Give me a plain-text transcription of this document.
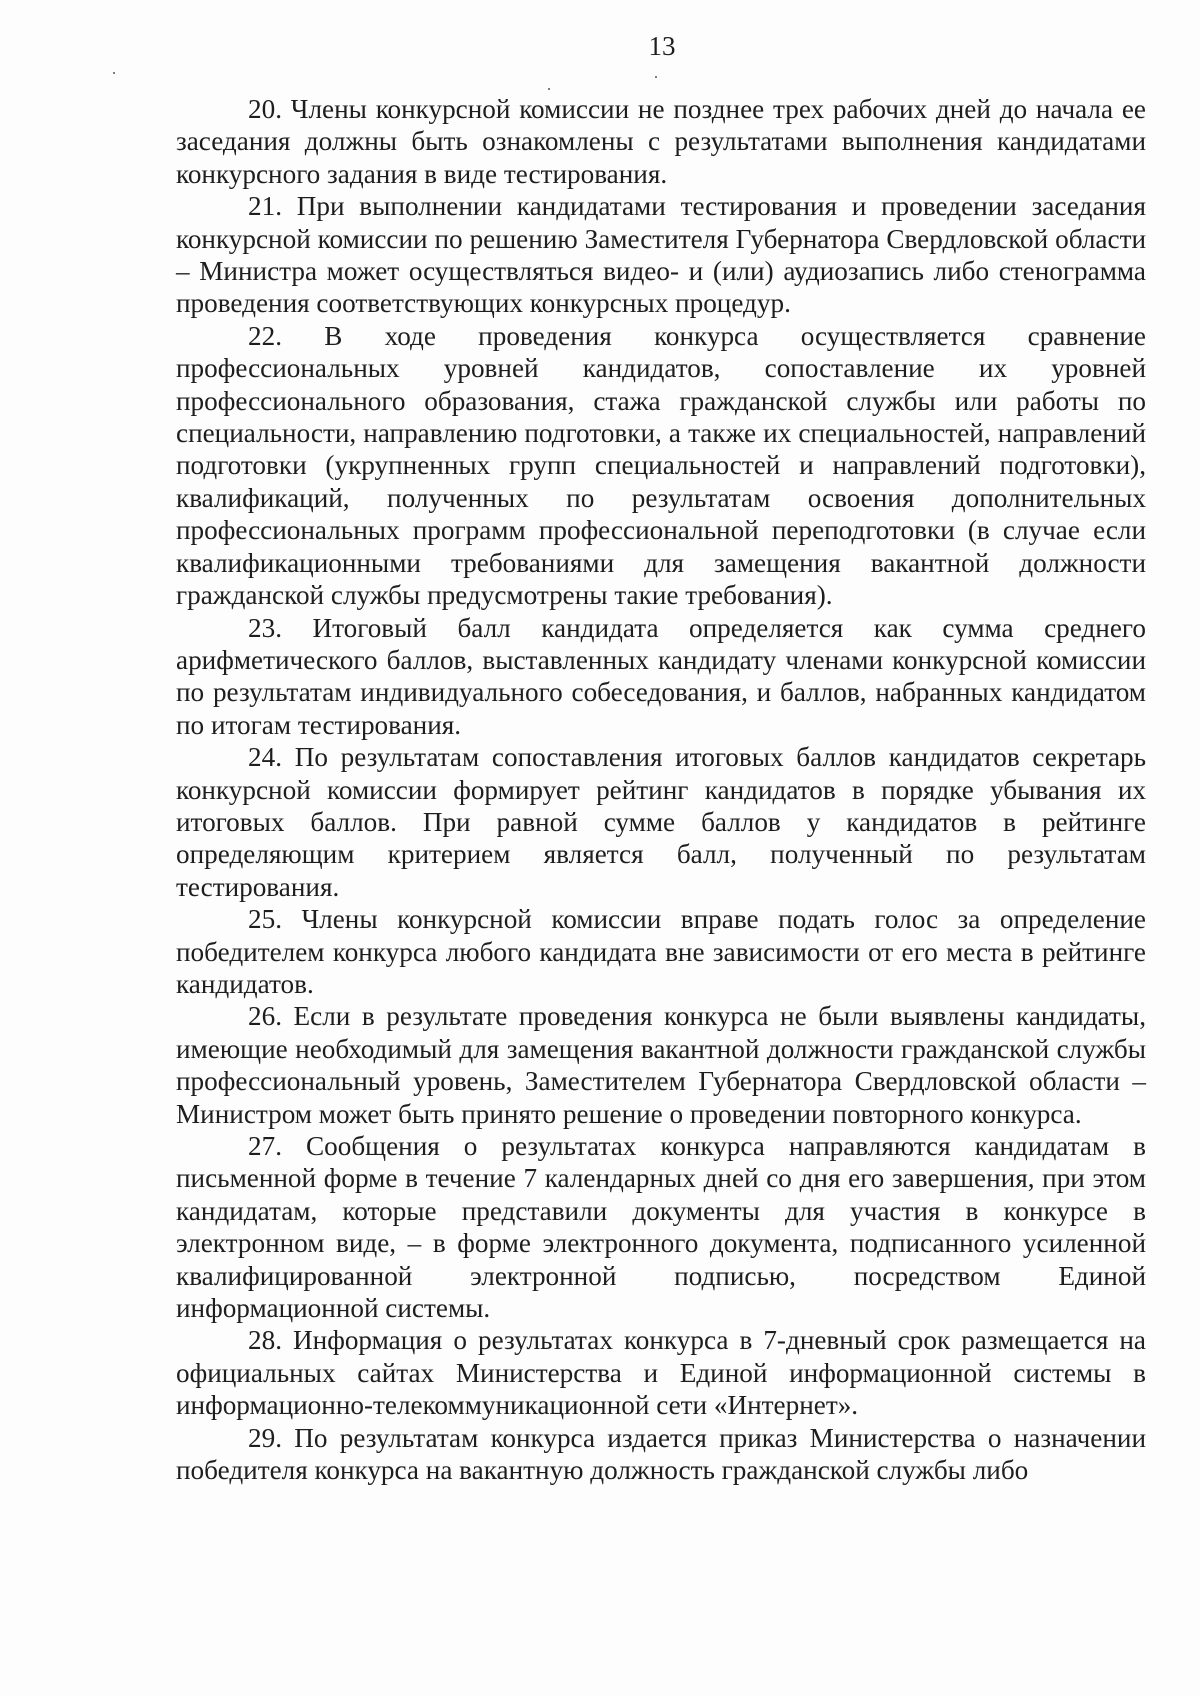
13

20. Члены конкурсной комиссии не позднее трех рабочих дней до начала ее заседания должны быть ознакомлены с результатами выполнения кандидатами конкурсного задания в виде тестирования.

21. При выполнении кандидатами тестирования и проведении заседания конкурсной комиссии по решению Заместителя Губернатора Свердловской области – Министра может осуществляться видео- и (или) аудиозапись либо стенограмма проведения соответствующих конкурсных процедур.

22. В ходе проведения конкурса осуществляется сравнение профессиональных уровней кандидатов, сопоставление их уровней профессионального образования, стажа гражданской службы или работы по специальности, направлению подготовки, а также их специальностей, направлений подготовки (укрупненных групп специальностей и направлений подготовки), квалификаций, полученных по результатам освоения дополнительных профессиональных программ профессиональной переподготовки (в случае если квалификационными требованиями для замещения вакантной должности гражданской службы предусмотрены такие требования).

23. Итоговый балл кандидата определяется как сумма среднего арифметического баллов, выставленных кандидату членами конкурсной комиссии по результатам индивидуального собеседования, и баллов, набранных кандидатом по итогам тестирования.

24. По результатам сопоставления итоговых баллов кандидатов секретарь конкурсной комиссии формирует рейтинг кандидатов в порядке убывания их итоговых баллов. При равной сумме баллов у кандидатов в рейтинге определяющим критерием является балл, полученный по результатам тестирования.

25. Члены конкурсной комиссии вправе подать голос за определение победителем конкурса любого кандидата вне зависимости от его места в рейтинге кандидатов.

26. Если в результате проведения конкурса не были выявлены кандидаты, имеющие необходимый для замещения вакантной должности гражданской службы профессиональный уровень, Заместителем Губернатора Свердловской области – Министром может быть принято решение о проведении повторного конкурса.

27. Сообщения о результатах конкурса направляются кандидатам в письменной форме в течение 7 календарных дней со дня его завершения, при этом кандидатам, которые представили документы для участия в конкурсе в электронном виде, – в форме электронного документа, подписанного усиленной квалифицированной электронной подписью, посредством Единой информационной системы.

28. Информация о результатах конкурса в 7-дневный срок размещается на официальных сайтах Министерства и Единой информационной системы в информационно-телекоммуникационной сети «Интернет».

29. По результатам конкурса издается приказ Министерства о назначении победителя конкурса на вакантную должность гражданской службы либо
